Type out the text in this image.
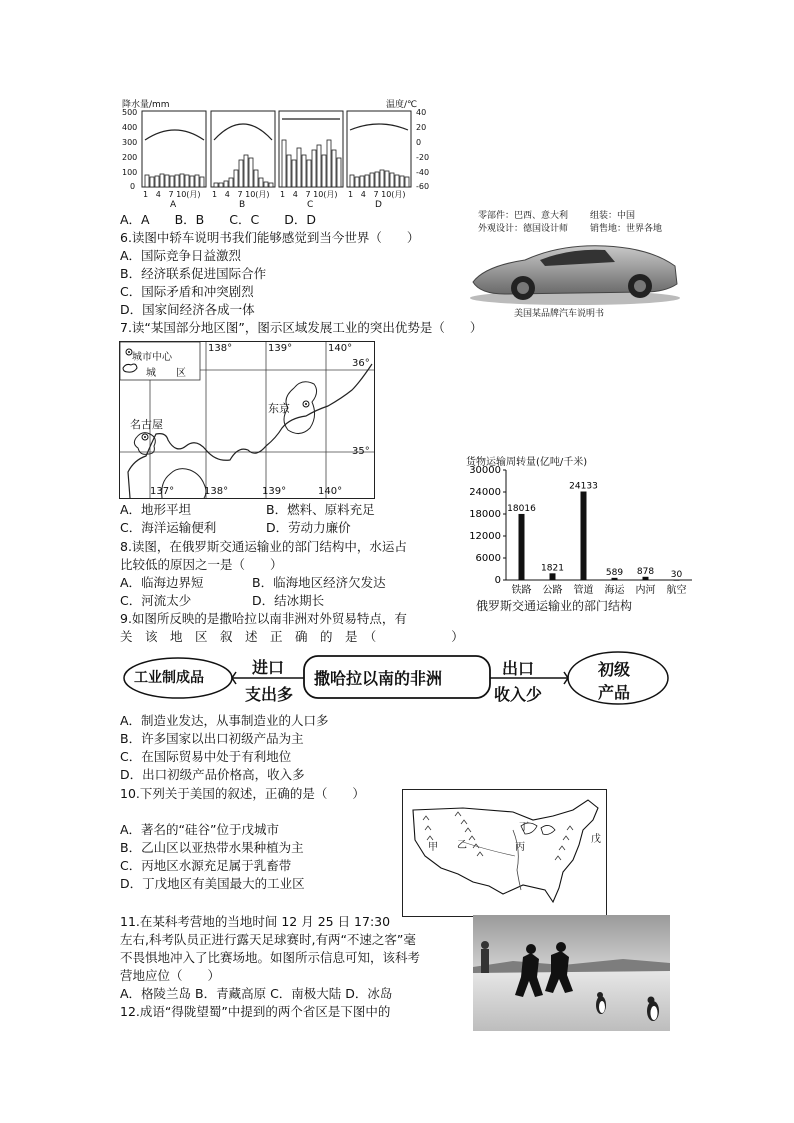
降水量/mm	温度/℃
500
400
300
200
100
0
40
20
0
-20
-40
-60
1 4 7 10(月) 1 4 7 10(月) 1 4 7 10(月) 1 4 7 10(月)
A	B	C	D
A．A　　B．B　　C．C　　D．D
6.读图中轿车说明书我们能够感觉到当今世界（　　）
A．国际竞争日益激烈
B．经济联系促进国际合作
C．国际矛盾和冲突剧烈
D．国家间经济各成一体
零部件：巴西、意大利 组装：中国
外观设计：德国设计师 销售地：世界各地
美国某品牌汽车说明书
7.读“某国部分地区图”，图示区域发展工业的突出优势是（　　）
城市中心
城　　区
138°	139°	140°
36°
35°
137°	138°	139°	140°
名古屋
东京
A．地形平坦	B．燃料、原料充足
C．海洋运输便利	D．劳动力廉价
8.读图，在俄罗斯交通运输业的部门结构中，水运占
比较低的原因之一是（　　）
A．临海边界短	B．临海地区经济欠发达
C．河流太少	D．结冰期长
货物运输周转量(亿吨/千米)
30000
24000
18000
12000
6000
0
18016
铁路
1821
公路
24133
管道
589
海运
878
内河
30
航空
俄罗斯交通运输业的部门结构
9.如图所反映的是撒哈拉以南非洲对外贸易特点，有
关　该　地　区　叙　述　正　确　的　是　（　　　　　　）
工业制成品
进口
支出多
撒哈拉以南的非洲
出口
收入少
初级
产品
A．制造业发达，从事制造业的人口多
B．许多国家以出口初级产品为主
C．在国际贸易中处于有利地位
D．出口初级产品价格高，收入多
10.下列关于美国的叙述，正确的是（　　）
A．著名的“硅谷”位于戊城市
B．乙山区以亚热带水果种植为主
C．丙地区水源充足属于乳畜带
D．丁戊地区有美国最大的工业区
甲 乙	丙
丁
戊
11.在某科考营地的当地时间 12 月 25 日 17:30
左右,科考队员正进行露天足球赛时,有两“不速之客”毫
不畏惧地冲入了比赛场地。如图所示信息可知，该科考
营地应位（　　）
A．格陵兰岛 B．青藏高原 C．南极大陆 D．冰岛
12.成语“得陇望蜀”中提到的两个省区是下图中的
